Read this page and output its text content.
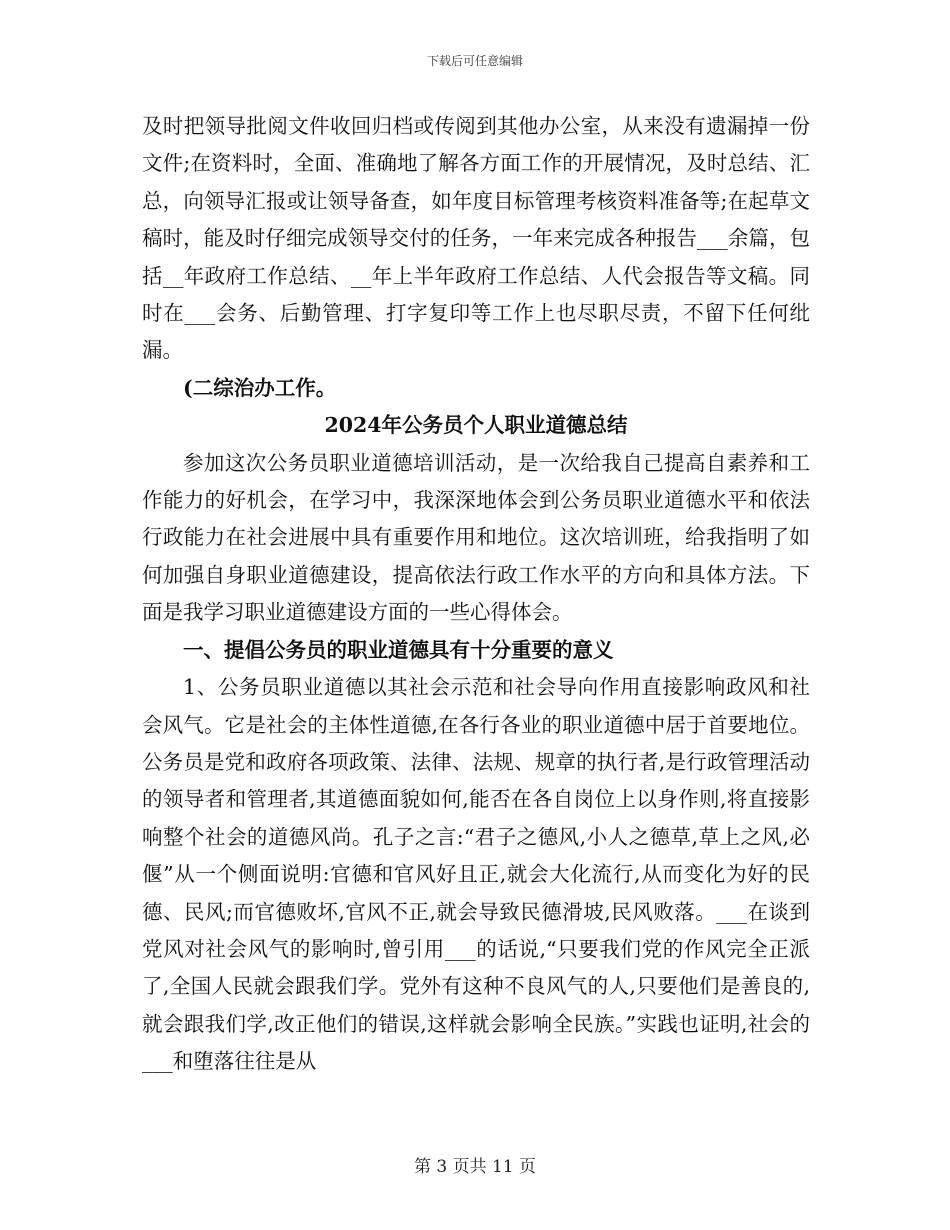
下载后可任意编辑

及时把领导批阅文件收回归档或传阅到其他办公室，从来没有遗漏掉一份文件;在资料时，全面、准确地了解各方面工作的开展情况，及时总结、汇总，向领导汇报或让领导备查，如年度目标管理考核资料准备等;在起草文稿时，能及时仔细完成领导交付的任务，一年来完成各种报告___余篇，包括__年政府工作总结、__年上半年政府工作总结、人代会报告等文稿。同时在___会务、后勤管理、打字复印等工作上也尽职尽责，不留下任何纰漏。

(二综治办工作。

2024年公务员个人职业道德总结

参加这次公务员职业道德培训活动，是一次给我自己提高自素养和工作能力的好机会，在学习中，我深深地体会到公务员职业道德水平和依法行政能力在社会进展中具有重要作用和地位。这次培训班，给我指明了如何加强自身职业道德建设，提高依法行政工作水平的方向和具体方法。下面是我学习职业道德建设方面的一些心得体会。

一、提倡公务员的职业道德具有十分重要的意义

1、公务员职业道德以其社会示范和社会导向作用直接影响政风和社会风气。它是社会的主体性道德,在各行各业的职业道德中居于首要地位。公务员是党和政府各项政策、法律、法规、规章的执行者,是行政管理活动的领导者和管理者,其道德面貌如何,能否在各自岗位上以身作则,将直接影响整个社会的道德风尚。孔子之言:“君子之德风,小人之德草,草上之风,必偃”从一个侧面说明:官德和官风好且正,就会大化流行,从而变化为好的民德、民风;而官德败坏,官风不正,就会导致民德滑坡,民风败落。___在谈到党风对社会风气的影响时,曾引用___的话说,“只要我们党的作风完全正派了,全国人民就会跟我们学。党外有这种不良风气的人,只要他们是善良的,就会跟我们学,改正他们的错误,这样就会影响全民族。”实践也证明,社会的___和堕落往往是从

第 3 页共 11 页
